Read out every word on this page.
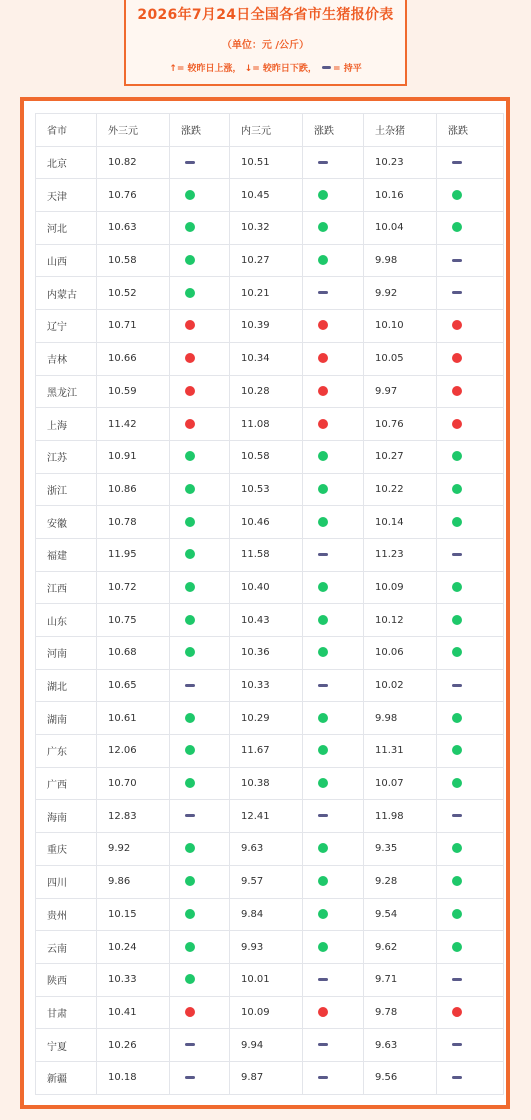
2026年7月24日全国各省市生猪报价表
（单位：元 /公斤）
↑= 较昨日上涨， ↓= 较昨日下跌， = 持平
省市	外三元	涨跌	内三元	涨跌	土杂猪	涨跌
北京	10.82		10.51		10.23	
天津	10.76		10.45		10.16	
河北	10.63		10.32		10.04	
山西	10.58		10.27		9.98	
内蒙古	10.52		10.21		9.92	
辽宁	10.71		10.39		10.10	
吉林	10.66		10.34		10.05	
黑龙江	10.59		10.28		9.97	
上海	11.42		11.08		10.76	
江苏	10.91		10.58		10.27	
浙江	10.86		10.53		10.22	
安徽	10.78		10.46		10.14	
福建	11.95		11.58		11.23	
江西	10.72		10.40		10.09	
山东	10.75		10.43		10.12	
河南	10.68		10.36		10.06	
湖北	10.65		10.33		10.02	
湖南	10.61		10.29		9.98	
广东	12.06		11.67		11.31	
广西	10.70		10.38		10.07	
海南	12.83		12.41		11.98	
重庆	9.92		9.63		9.35	
四川	9.86		9.57		9.28	
贵州	10.15		9.84		9.54	
云南	10.24		9.93		9.62	
陕西	10.33		10.01		9.71	
甘肃	10.41		10.09		9.78	
宁夏	10.26		9.94		9.63	
新疆	10.18		9.87		9.56	
